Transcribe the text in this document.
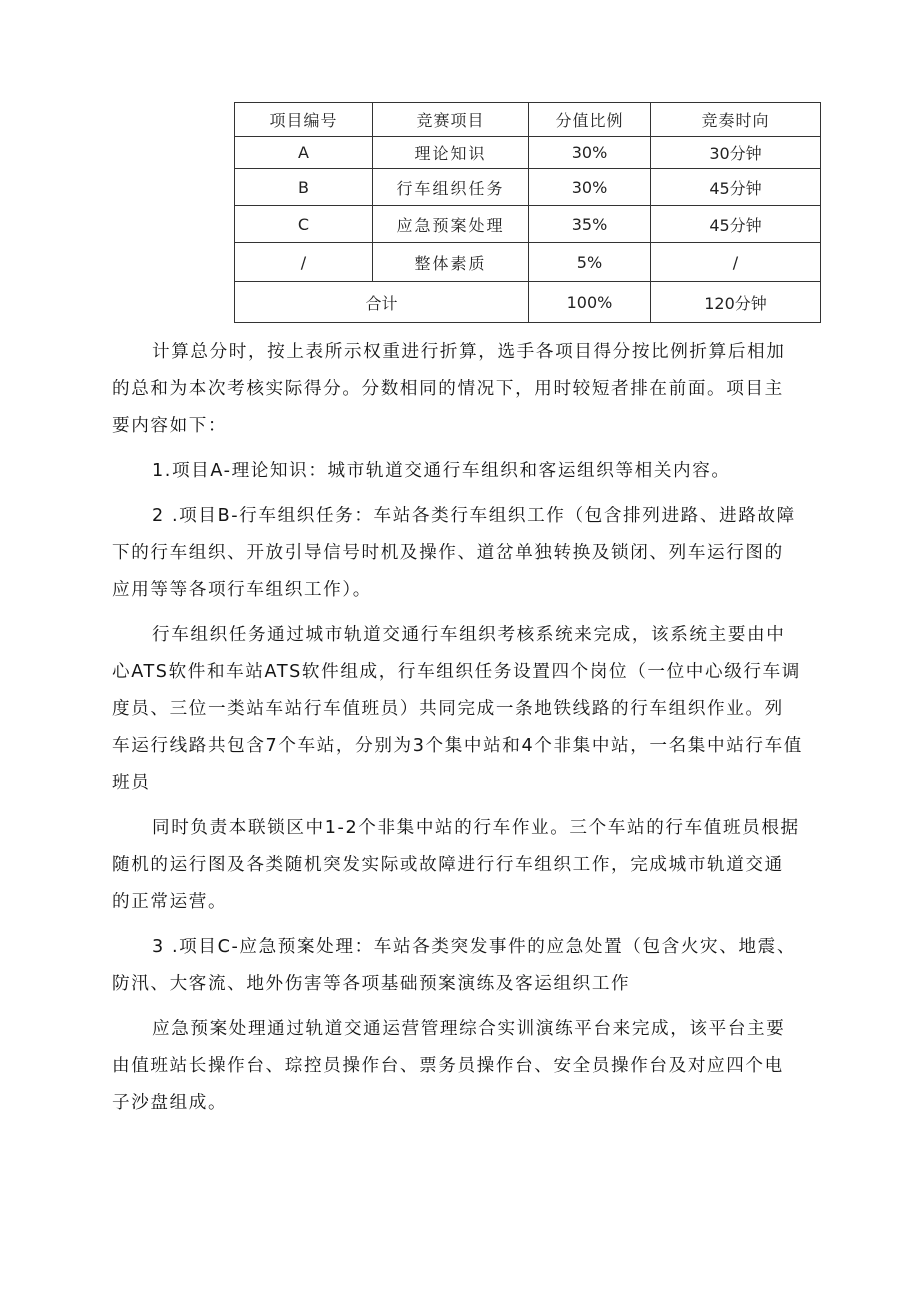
项目编号	竞赛项目	分值比例	竞奏时向
A	理论知识	30%	30分钟
B	行车组织任务	30%	45分钟
C	应急预案处理	35%	45分钟
/	整体素质	5%	/
合计		100%	120分钟

计算总分时，按上表所示权重进行折算，选手各项目得分按比例折算后相加

的总和为本次考核实际得分。分数相同的情况下，用时较短者排在前面。项目主

要内容如下：

1.项目A-理论知识：城市轨道交通行车组织和客运组织等相关内容。

2 .项目B-行车组织任务：车站各类行车组织工作（包含排列进路、进路故障

下的行车组织、开放引导信号时机及操作、道岔单独转换及锁闭、列车运行图的

应用等等各项行车组织工作）。

行车组织任务通过城市轨道交通行车组织考核系统来完成，该系统主要由中

心ATS软件和车站ATS软件组成，行车组织任务设置四个岗位（一位中心级行车调

度员、三位一类站车站行车值班员）共同完成一条地铁线路的行车组织作业。列

车运行线路共包含7个车站，分别为3个集中站和4个非集中站，一名集中站行车值

班员

同时负责本联锁区中1-2个非集中站的行车作业。三个车站的行车值班员根据

随机的运行图及各类随机突发实际或故障进行行车组织工作，完成城市轨道交通

的正常运营。

3 .项目C-应急预案处理：车站各类突发事件的应急处置（包含火灾、地震、

防汛、大客流、地外伤害等各项基础预案演练及客运组织工作

应急预案处理通过轨道交通运营管理综合实训演练平台来完成，该平台主要

由值班站长操作台、琮控员操作台、票务员操作台、安全员操作台及对应四个电

子沙盘组成。
